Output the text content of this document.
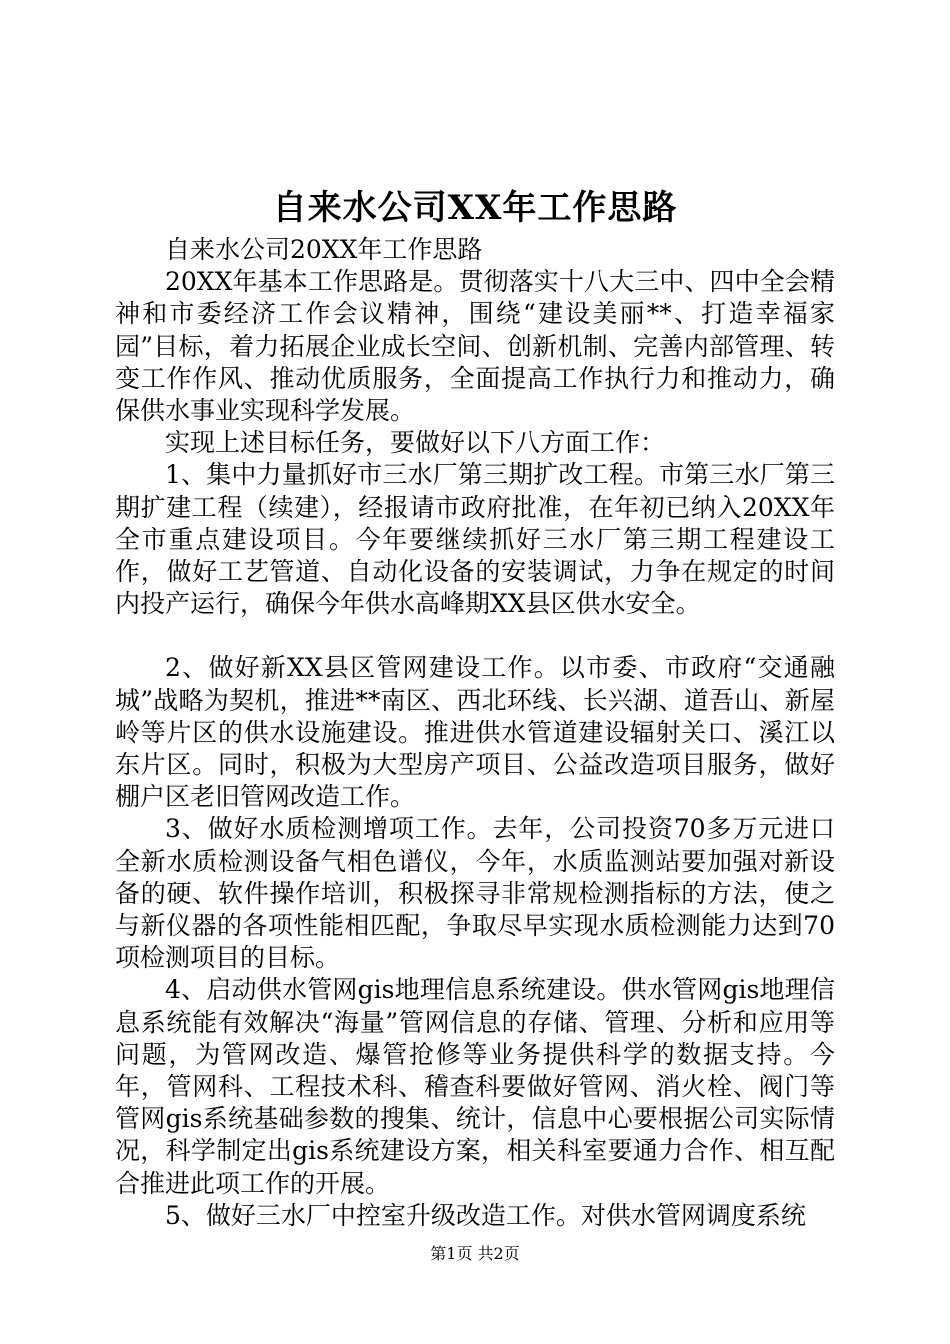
自来水公司XX年工作思路

自来水公司20XX年工作思路

20XX年基本工作思路是。贯彻落实十八大三中、四中全会精神和市委经济工作会议精神，围绕“建设美丽**、打造幸福家园”目标，着力拓展企业成长空间、创新机制、完善内部管理、转变工作作风、推动优质服务，全面提高工作执行力和推动力，确保供水事业实现科学发展。

实现上述目标任务，要做好以下八方面工作：

1、集中力量抓好市三水厂第三期扩改工程。市第三水厂第三期扩建工程（续建），经报请市政府批准，在年初已纳入20XX年全市重点建设项目。今年要继续抓好三水厂第三期工程建设工作，做好工艺管道、自动化设备的安装调试，力争在规定的时间内投产运行，确保今年供水高峰期XX县区供水安全。

2、做好新XX县区管网建设工作。以市委、市政府“交通融城”战略为契机，推进**南区、西北环线、长兴湖、道吾山、新屋岭等片区的供水设施建设。推进供水管道建设辐射关口、溪江以东片区。同时，积极为大型房产项目、公益改造项目服务，做好棚户区老旧管网改造工作。

3、做好水质检测增项工作。去年，公司投资70多万元进口全新水质检测设备气相色谱仪，今年，水质监测站要加强对新设备的硬、软件操作培训，积极探寻非常规检测指标的方法，使之与新仪器的各项性能相匹配，争取尽早实现水质检测能力达到70项检测项目的目标。

4、启动供水管网gis地理信息系统建设。供水管网gis地理信息系统能有效解决“海量”管网信息的存储、管理、分析和应用等问题，为管网改造、爆管抢修等业务提供科学的数据支持。今年，管网科、工程技术科、稽查科要做好管网、消火栓、阀门等管网gis系统基础参数的搜集、统计，信息中心要根据公司实际情况，科学制定出gis系统建设方案，相关科室要通力合作、相互配合推进此项工作的开展。

5、做好三水厂中控室升级改造工作。对供水管网调度系统

第1页 共2页
